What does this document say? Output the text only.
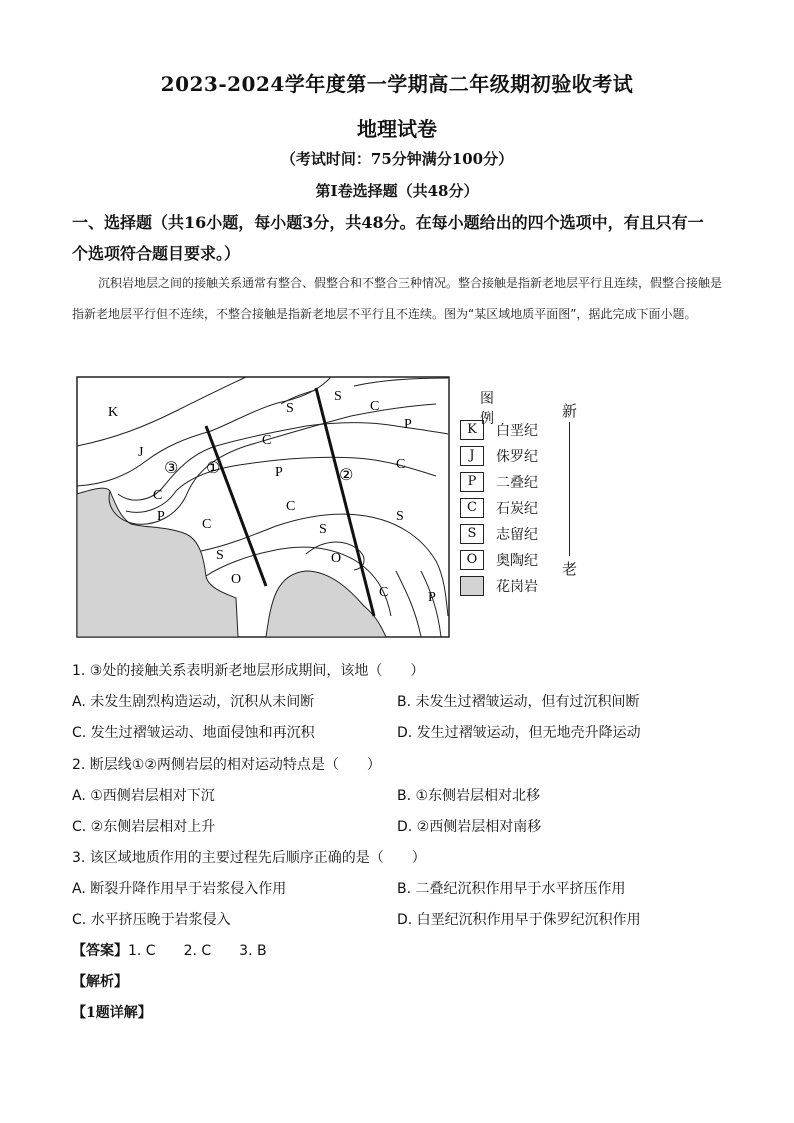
2023-2024学年度第一学期高二年级期初验收考试
地理试卷
（考试时间：75分钟满分100分）
第Ⅰ卷选择题（共48分）
一、选择题（共16小题，每小题3分，共48分。在每小题给出的四个选项中，有且只有一
个选项符合题目要求。）
沉积岩地层之间的接触关系通常有整合、假整合和不整合三种情况。整合接触是指新老地层平行且连续，假整合接触是指新老地层平行但不连续，不整合接触是指新老地层不平行且不连续。图为“某区域地质平面图”，据此完成下面小题。
K
J
C
P
C
S
O
S
C
P
C
S
O
S
C
P
C
S
C	P
③ ①	②
图例
K	白垩纪
J	侏罗纪
P	二叠纪
C	石炭纪
S	志留纪
O	奥陶纪
花岗岩
新
老
1. ③处的接触关系表明新老地层形成期间，该地（　　）
A. 未发生剧烈构造运动，沉积从未间断	B. 未发生过褶皱运动，但有过沉积间断
C. 发生过褶皱运动、地面侵蚀和再沉积	D. 发生过褶皱运动，但无地壳升降运动
2. 断层线①②两侧岩层的相对运动特点是（　　）
A. ①西侧岩层相对下沉	B. ①东侧岩层相对北移
C. ②东侧岩层相对上升	D. ②西侧岩层相对南移
3. 该区域地质作用的主要过程先后顺序正确的是（　　）
A. 断裂升降作用早于岩浆侵入作用	B. 二叠纪沉积作用早于水平挤压作用
C. 水平挤压晚于岩浆侵入	D. 白垩纪沉积作用早于侏罗纪沉积作用
【答案】1. C　　2. C　　3. B
【解析】
【1题详解】
